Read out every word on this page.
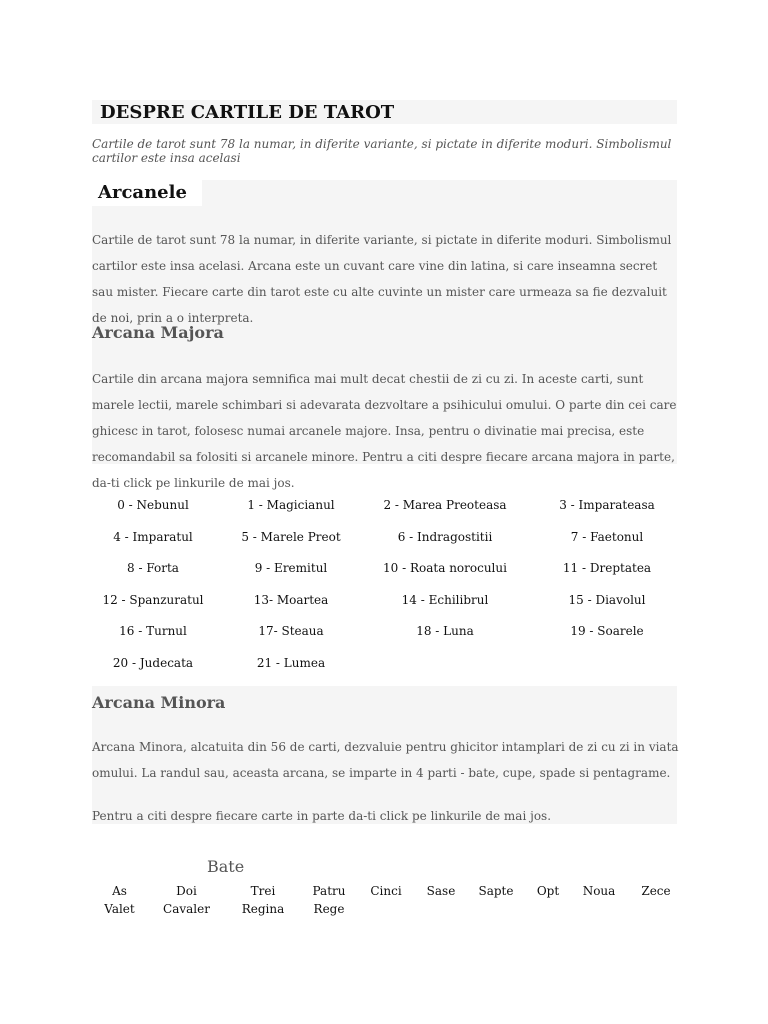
DESPRE CARTILE DE TAROT

Cartile de tarot sunt 78 la numar, in diferite variante, si pictate in diferite moduri. Simbolismul cartilor este insa acelasi

Arcanele

Cartile de tarot sunt 78 la numar, in diferite variante, si pictate in diferite moduri. Simbolismul cartilor este insa acelasi. Arcana este un cuvant care vine din latina, si care inseamna secret sau mister. Fiecare carte din tarot este cu alte cuvinte un mister care urmeaza sa fie dezvaluit de noi, prin a o interpreta.

Arcana Majora

Cartile din arcana majora semnifica mai mult decat chestii de zi cu zi. In aceste carti, sunt marele lectii, marele schimbari si adevarata dezvoltare a psihicului omului. O parte din cei care ghicesc in tarot, folosesc numai arcanele majore. Insa, pentru o divinatie mai precisa, este recomandabil sa folositi si arcanele minore. Pentru a citi despre fiecare arcana majora in parte, da-ti click pe linkurile de mai jos.

0 - Nebunul	1 - Magicianul	2 - Marea Preoteasa	3 - Imparateasa
4 - Imparatul	5 - Marele Preot	6 - Indragostitii	7 - Faetonul
8 - Forta	9 - Eremitul	10 - Roata norocului	11 - Dreptatea
12 - Spanzuratul	13- Moartea	14 - Echilibrul	15 - Diavolul
16 - Turnul	17- Steaua	18 - Luna	19 - Soarele
20 - Judecata	21 - Lumea
Arcana Minora

Arcana Minora, alcatuita din 56 de carti, dezvaluie pentru ghicitor intamplari de zi cu zi in viata omului. La randul sau, aceasta arcana, se imparte in 4 parti - bate, cupe, spade si pentagrame.

Pentru a citi despre fiecare carte in parte da-ti click pe linkurile de mai jos.

Bate

As	Doi	Trei	Patru	Cinci	Sase	Sapte	Opt	Noua	Zece
Valet	Cavaler	Regina	Rege						
